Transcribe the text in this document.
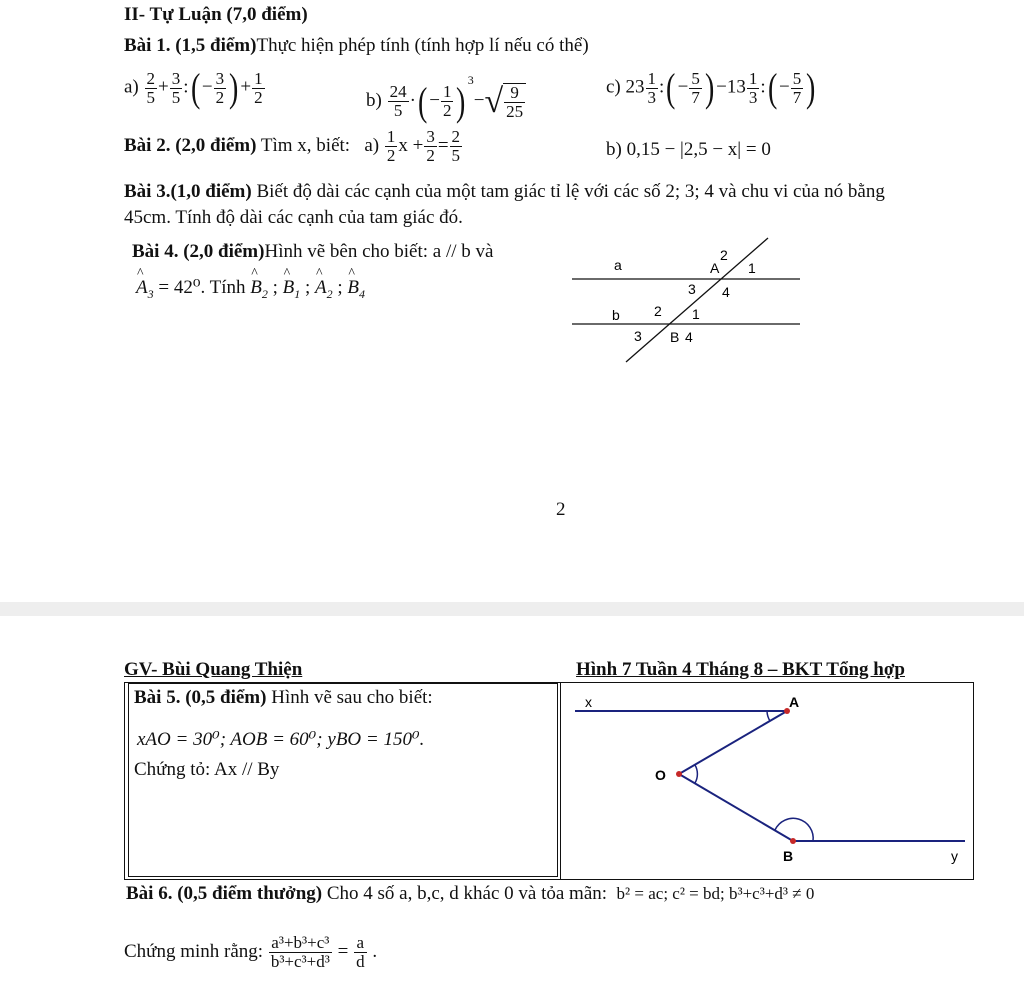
II- Tự Luận (7,0 điểm)
Bài 1. (1,5 điểm)Thực hiện phép tính (tính hợp lí nếu có thể)
$a) \frac{2}{5} + \frac{3}{5}$ :( − $\frac{3}{2}$ ) + $\frac{1}{2}$	$b) \frac{24}{5}$ ·( − $\frac{1}{2}$ ) $^3-√ \frac{9}{25}$	c) $23 \frac{1}{3}$ :( − $\frac{5}{7}$ ) $-13 \frac{1}{3}$ :( − $\frac{5}{7}$ )
Bài 2. (2,0 điểm) Tìm x, biết: $a) \frac{1}{2}$ $x + \frac{3}{2} = \frac{2}{5}$	b) 0,15 − |2,5 − x| = 0
Bài 3.(1,0 điểm) Biết độ dài các cạnh của một tam giác tỉ lệ với các số 2; 3; 4 và chu vi của nó bằng
45cm. Tính độ dài các cạnh của tam giác đó.
Bài 4. (2,0 điểm)Hình vẽ bên cho biết: a // b và
^ $A_3 = 42^0$. Tính ^ $B_2$ ; ^ $B_1$ ; ^ $A_2$ ; ^ $B_4$
a
b
A
2
1
3 4
2 1
3 B 4
2
GV- Bùi Quang Thiện	Hình 7 Tuần 4 Tháng 8 – BKT Tổng hợp
Bài 5. (0,5 điểm) Hình vẽ sau cho biết:
xAO = 30⁰; AOB = 60⁰; yBO = 150⁰.
Chứng tỏ: Ax // By
x	A
O
B	y
Bài 6. (0,5 điểm thưởng) Cho 4 số a, b,c, d khác 0 và tỏa mãn: b² = ac; c² = bd; b³+c³+d³ ≠ 0
Chứng minh rằng: $\frac{\text{a³+b³+c³}}{\text{b³+c³+d³}} = \frac{a}{d}$ .
